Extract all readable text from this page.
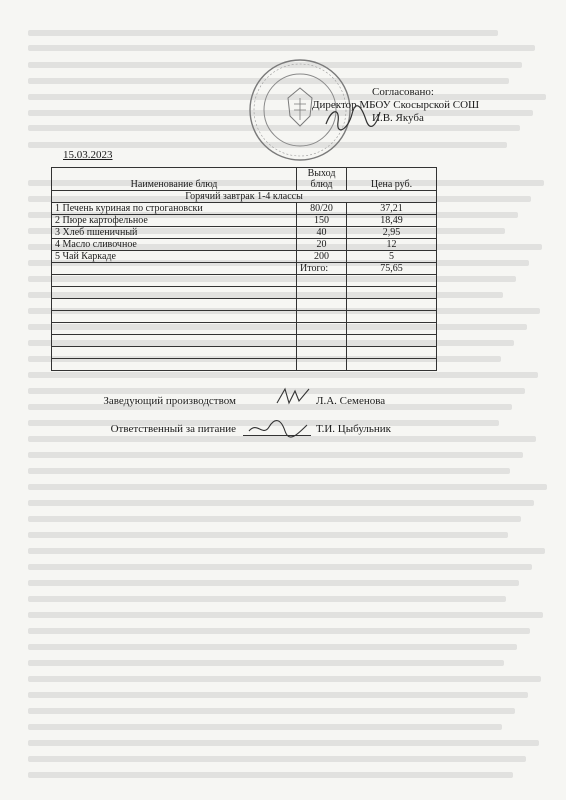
Согласовано:
Директор МБОУ Скосырской СОШ
И.В. Якуба
15.03.2023
Наименование блюд	Выход блюд	Цена руб.
Горячий завтрак 1-4 классы		
1 Печень куриная по строгановски	80/20	37,21
2 Пюре картофельное	150	18,49
3 Хлеб пшеничный	40	2,95
4 Масло сливочное	20	12
5 Чай Каркаде	200	5
	Итого:	75,65

Заведующий производством	Л.А. Семенова
Ответственный за питание	Т.И. Цыбульник
